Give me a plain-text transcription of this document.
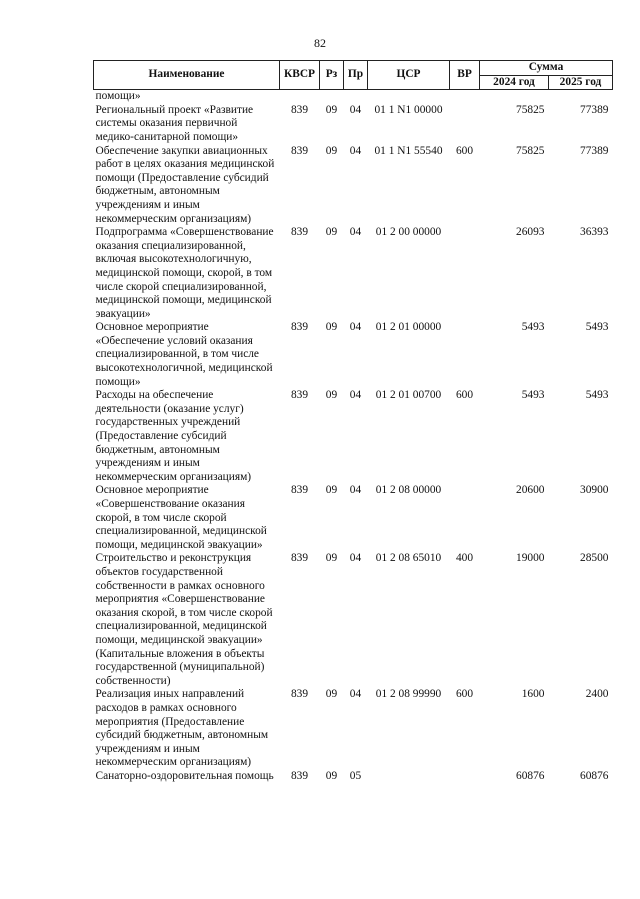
82
Наименование	КВСР	Рз	Пр	ЦСР	ВР	Сумма	
						2024 год	2025 год
помощи»							
Региональный проект «Развитие системы оказания первичной медико-санитарной помощи»	839	09	04	01 1 N1 00000		75825	77389
Обеспечение закупки авиационных работ в целях оказания медицинской помощи (Предоставление субсидий бюджетным, автономным учреждениям и иным некоммерческим организациям)	839	09	04	01 1 N1 55540	600	75825	77389
Подпрограмма «Совершенствование оказания специализированной, включая высокотехнологичную, медицинской помощи, скорой, в том числе скорой специализированной, медицинской помощи, медицинской эвакуации»	839	09	04	01 2 00 00000		26093	36393
Основное мероприятие «Обеспечение условий оказания специализированной, в том числе высокотехнологичной, медицинской помощи»	839	09	04	01 2 01 00000		5493	5493
Расходы на обеспечение деятельности (оказание услуг) государственных учреждений (Предоставление субсидий бюджетным, автономным учреждениям и иным некоммерческим организациям)	839	09	04	01 2 01 00700	600	5493	5493
Основное мероприятие «Совершенствование оказания скорой, в том числе скорой специализированной, медицинской помощи, медицинской эвакуации»	839	09	04	01 2 08 00000		20600	30900
Строительство и реконструкция объектов государственной собственности в рамках основного мероприятия «Совершенствование оказания скорой, в том числе скорой специализированной, медицинской помощи, медицинской эвакуации» (Капитальные вложения в объекты государственной (муниципальной) собственности)	839	09	04	01 2 08 65010	400	19000	28500
Реализация иных направлений расходов в рамках основного мероприятия (Предоставление субсидий бюджетным, автономным учреждениям и иным некоммерческим организациям)	839	09	04	01 2 08 99990	600	1600	2400
Санаторно-оздоровительная помощь	839	09	05			60876	60876
